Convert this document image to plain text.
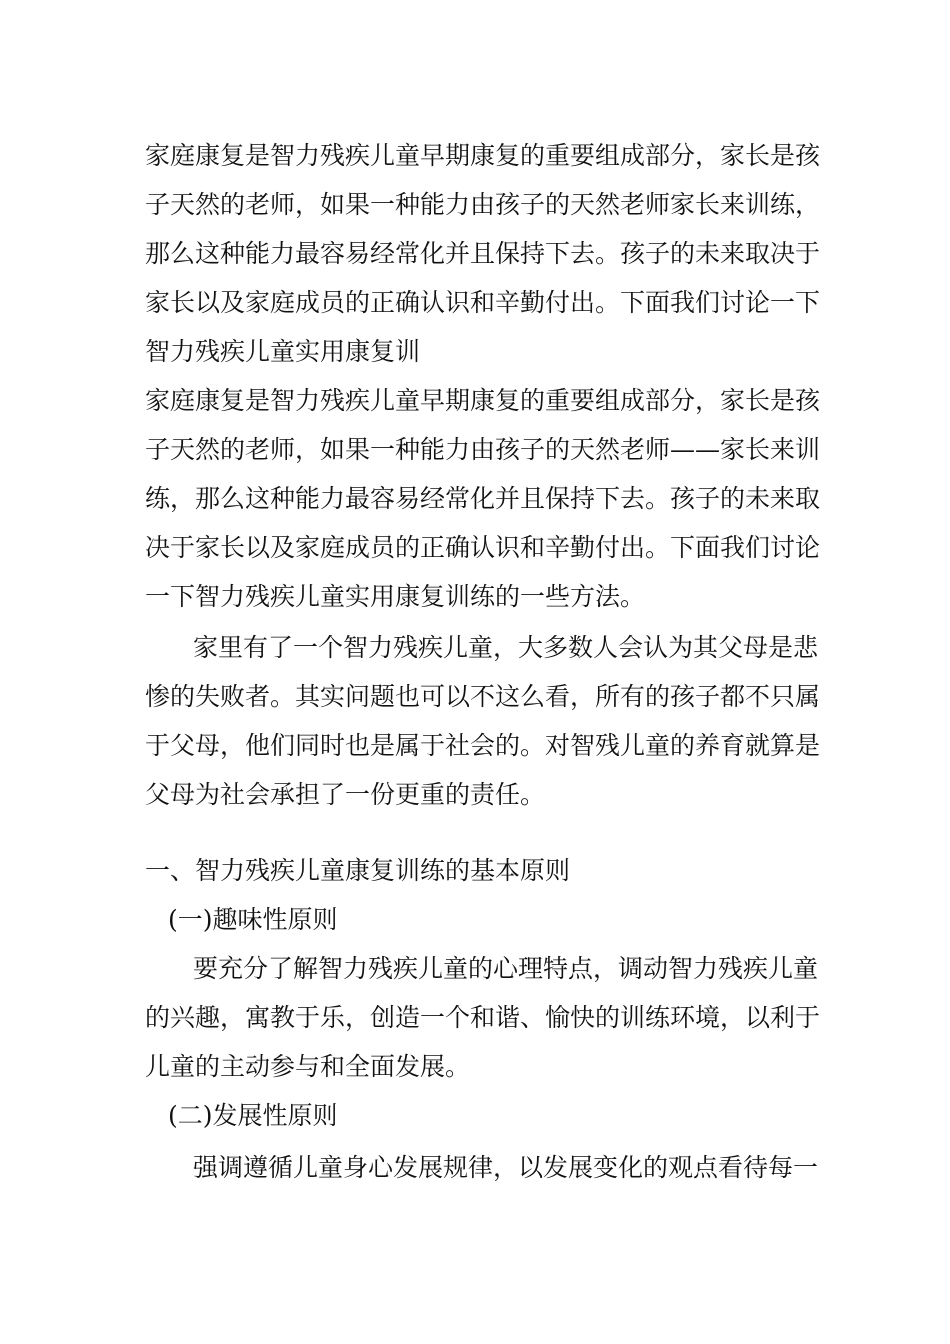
家庭康复是智力残疾儿童早期康复的重要组成部分，家长是孩
子天然的老师，如果一种能力由孩子的天然老师家长来训练，
那么这种能力最容易经常化并且保持下去。孩子的未来取决于
家长以及家庭成员的正确认识和辛勤付出。下面我们讨论一下
智力残疾儿童实用康复训
家庭康复是智力残疾儿童早期康复的重要组成部分，家长是孩
子天然的老师，如果一种能力由孩子的天然老师——家长来训
练，那么这种能力最容易经常化并且保持下去。孩子的未来取
决于家长以及家庭成员的正确认识和辛勤付出。下面我们讨论
一下智力残疾儿童实用康复训练的一些方法。
家里有了一个智力残疾儿童，大多数人会认为其父母是悲
惨的失败者。其实问题也可以不这么看，所有的孩子都不只属
于父母，他们同时也是属于社会的。对智残儿童的养育就算是
父母为社会承担了一份更重的责任。
一、智力残疾儿童康复训练的基本原则
(一)趣味性原则
要充分了解智力残疾儿童的心理特点，调动智力残疾儿童
的兴趣，寓教于乐，创造一个和谐、愉快的训练环境，以利于
儿童的主动参与和全面发展。
(二)发展性原则
强调遵循儿童身心发展规律，以发展变化的观点看待每一
